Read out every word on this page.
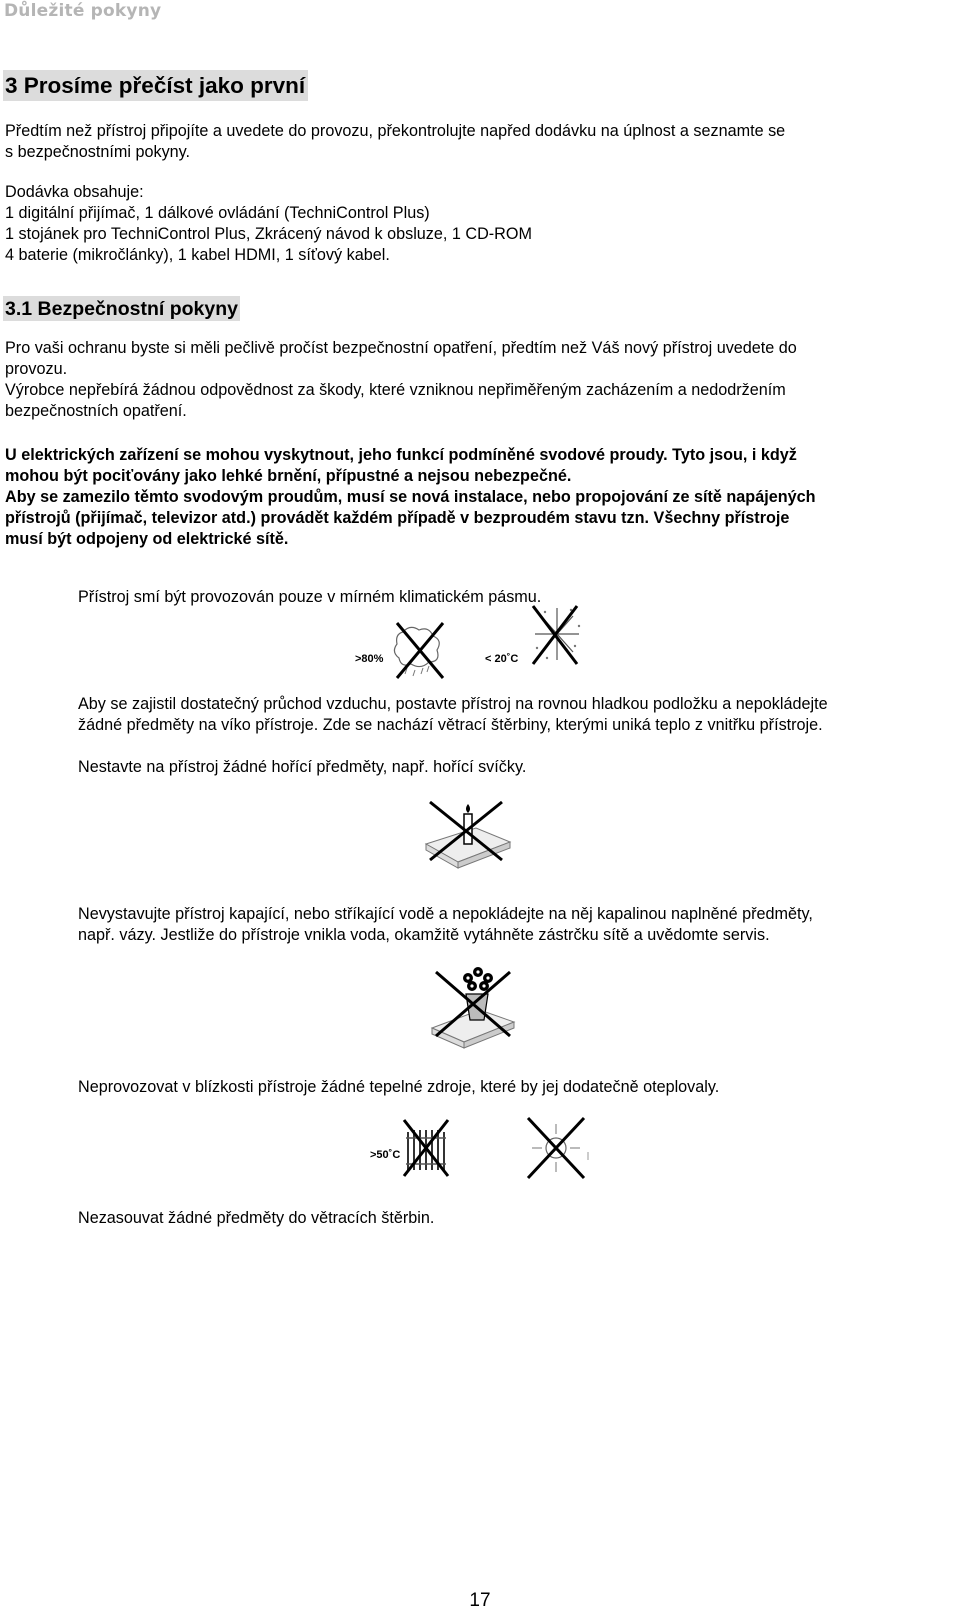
Důležité pokyny
3 Prosíme přečíst jako první
Předtím než přístroj připojíte a uvedete do provozu, překontrolujte napřed dodávku na úplnost a seznamte se
s bezpečnostními pokyny.
Dodávka obsahuje:
1 digitální přijímač, 1 dálkové ovládání (TechniControl Plus)
1 stojánek pro TechniControl Plus, Zkrácený návod k obsluze, 1 CD-ROM
4 baterie (mikročlánky), 1 kabel HDMI, 1 síťový kabel.
3.1 Bezpečnostní pokyny
Pro vaši ochranu byste si měli pečlivě pročíst bezpečnostní opatření, předtím než Váš nový přístroj uvedete do
provozu.
Výrobce nepřebírá žádnou odpovědnost za škody, které vzniknou nepřiměřeným zacházením a nedodržením
bezpečnostních opatření.
U elektrických zařízení se mohou vyskytnout, jeho funkcí podmíněné svodové proudy. Tyto jsou, i když
mohou být pociťovány jako lehké brnění, přípustné a nejsou nebezpečné.
Aby se zamezilo těmto svodovým proudům, musí se nová instalace, nebo propojování ze sítě napájených
přístrojů (přijímač, televizor atd.) provádět každém případě v bezproudém stavu tzn. Všechny přístroje
musí být odpojeny od elektrické sítě.
Přístroj smí být provozován pouze v mírném klimatickém pásmu.
>80%	< 20˚C
Aby se zajistil dostatečný průchod vzduchu, postavte přístroj na rovnou hladkou podložku a nepokládejte
žádné předměty na víko přístroje. Zde se nachází větrací štěrbiny, kterými uniká teplo z vnitřku přístroje.
Nestavte na přístroj žádné hořící předměty, např. hořící svíčky.
Nevystavujte přístroj kapající, nebo stříkající vodě a nepokládejte na něj kapalinou naplněné předměty,
např. vázy. Jestliže do přístroje vnikla voda, okamžitě vytáhněte zástrčku sítě a uvědomte servis.
Neprovozovat v blízkosti přístroje žádné tepelné zdroje, které by jej dodatečně oteplovaly.
>50˚C
Nezasouvat žádné předměty do větracích štěrbin.
17
